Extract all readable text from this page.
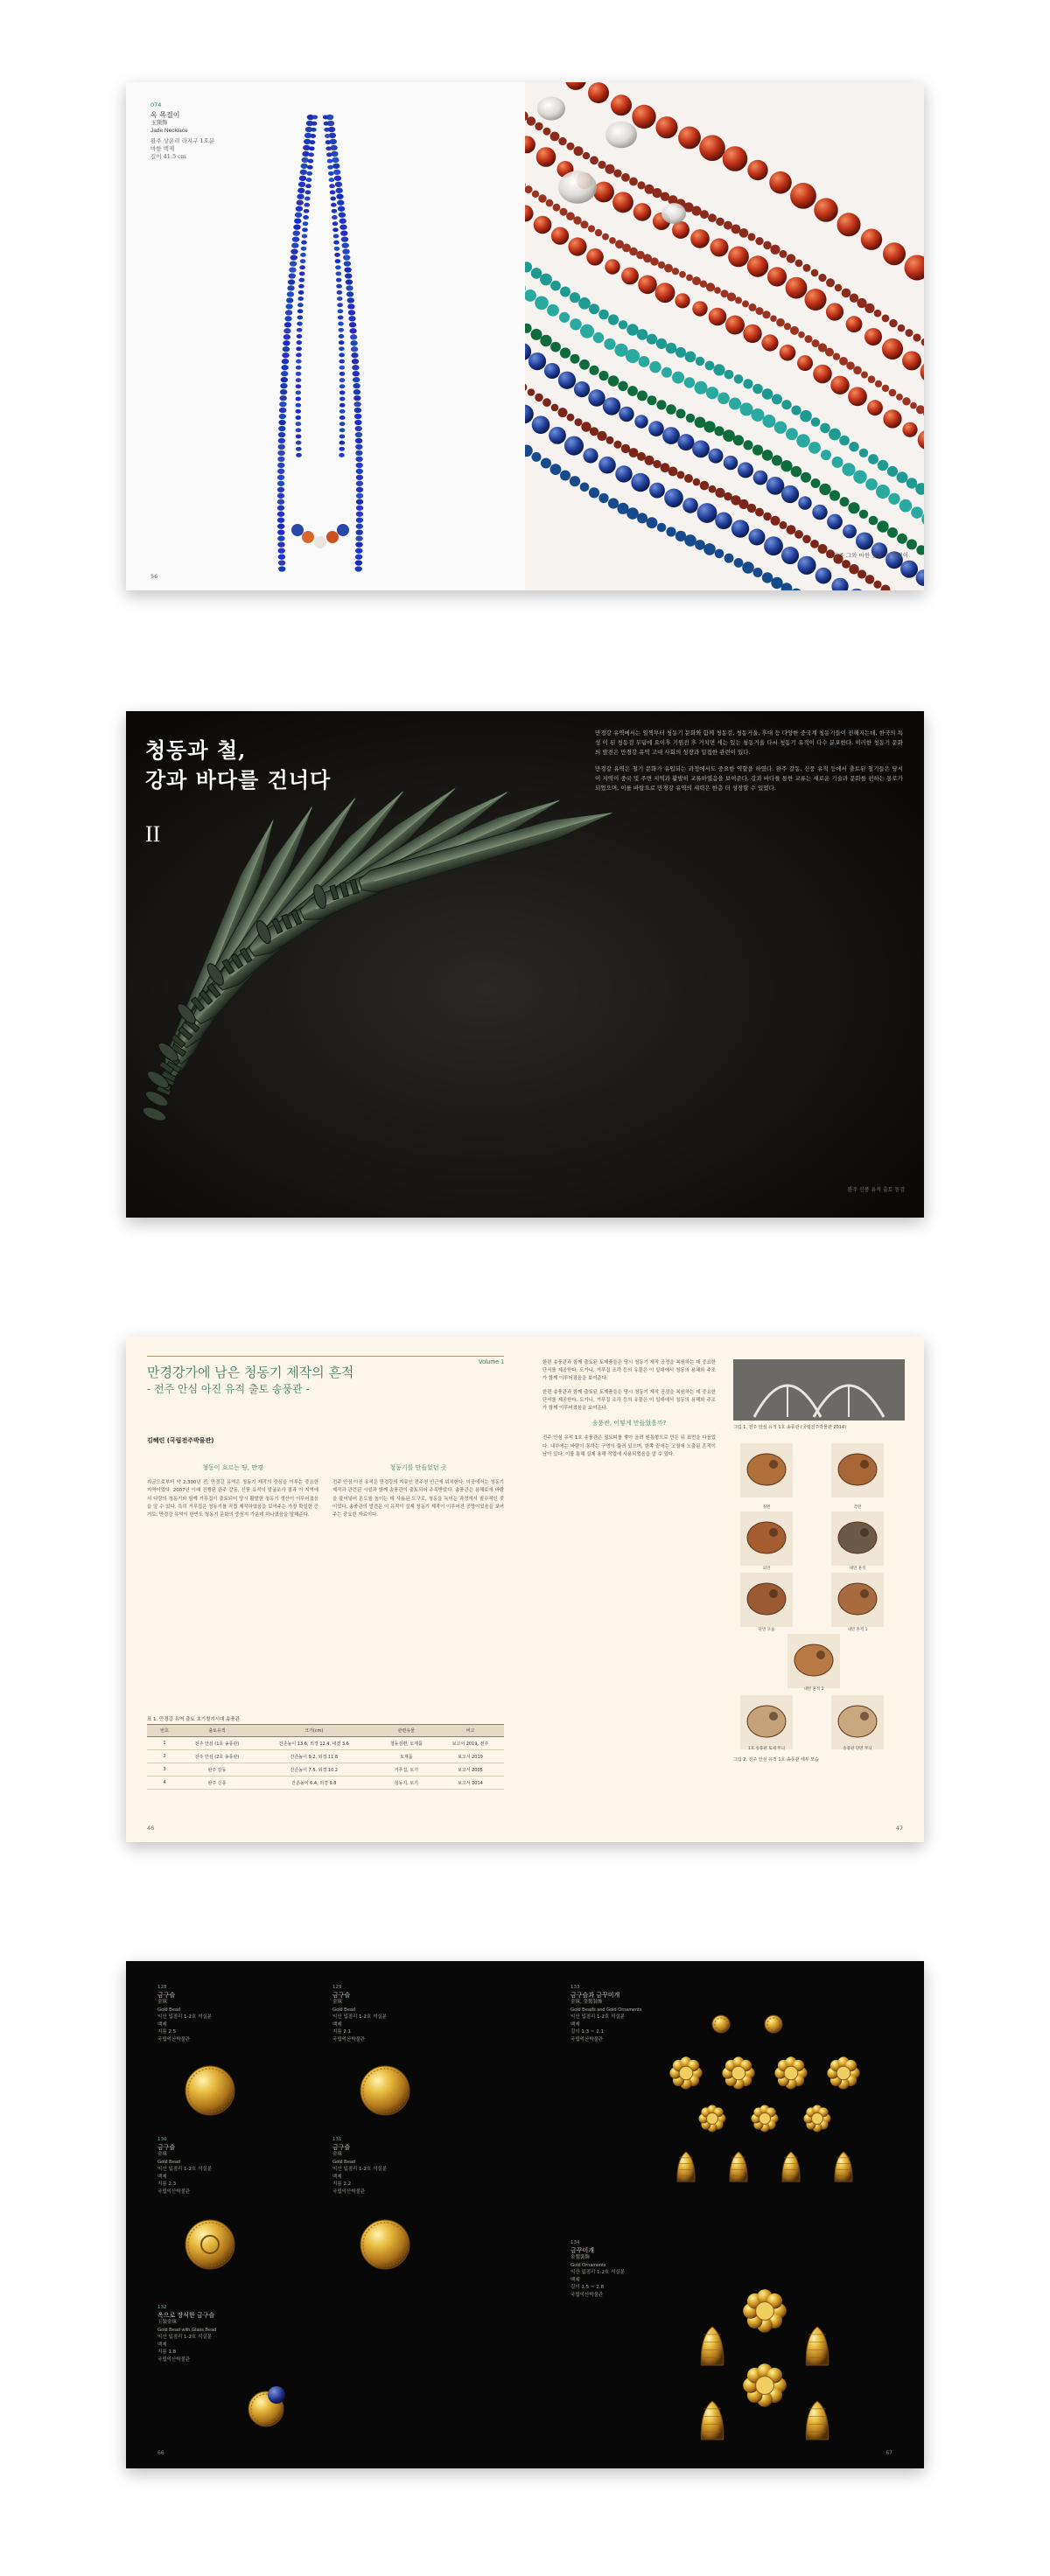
074
옥 목걸이
玉頸飾
Jade Necklace
완주 상운리 라지구 1호분
마한 백제
길이 41.5 cm
56
완주 그와 마한 출토 옥 목걸이
청동과 철,
강과 바다를 건너다
II

만경강 유역에서는 일찍부터 청동기 문화와 함께 청동검, 청동거울, 후대 등 다양한 중국계 청동기들이 전해지는데, 한국의 특성 이 된 청동검 무덤에 요이후 기원전 후 거치면 세는 있는 청동거울 다시 청동기 유적이 다수 분포한다. 이러한 청동기 문화의 발전은 만경강 유역 고대 사회의 성장과 밀접한 관련이 있다.

만경강 유역은 철기 문화가 유입되는 과정에서도 중요한 역할을 하였다. 완주 갈동, 신풍 유적 등에서 출토된 철기들은 당시 이 지역이 중국 및 주변 지역과 활발히 교류하였음을 보여준다. 강과 바다를 통한 교류는 새로운 기술과 문화를 전하는 통로가 되었으며, 이를 바탕으로 만경강 유역의 세력은 한층 더 성장할 수 있었다.

완주 신풍 유적 출토 동검
Volume 1
만경강가에 남은 청동기 제작의 흔적
- 전주 안심 아진 유적 출토 송풍관 -
김혜린 (국립전주박물관)
청동이 흐르는 땅, 만경
지금으로부터 약 2,300년 전, 만경강 유역은 청동기 제작의 중심을 이루는 중요한 지역이었다. 2007년 이래 진행된 완주 갈동, 신풍 유적의 발굴조사 결과 이 지역에서 다량의 청동기와 함께 거푸집이 출토되어 당시 활발한 청동기 생산이 이루어졌음을 알 수 있다. 특히 거푸집은 청동기를 직접 제작하였음을 보여주는 가장 확실한 증거로, 만경강 유역이 한반도 청동기 문화의 중심지 가운데 하나였음을 말해준다.
청동기를 만들었던 곳
전주 안심 아진 유적은 만경강의 지류인 전주천 인근에 위치한다. 이곳에서는 청동기 제작과 관련된 시설과 함께 송풍관이 출토되어 주목받았다. 송풍관은 용해로에 바람을 불어넣어 온도를 높이는 데 사용된 도구로, 청동을 녹이는 과정에서 필수적인 것이었다. 송풍관의 발견은 이 유적이 실제 청동기 제작이 이루어진 공방이었음을 보여주는 중요한 자료이다.
표 1. 만경강 유역 출토 초기철기시대 송풍관
번호	출토유적	크기(cm)	관련유물	비고
1	전주 안심 (1호 송풍관)	잔존높이 13.6, 외경 12.4, 내경 3.6	청동검편, 토제품	보고서 2019, 전주
2	전주 안심 (2호 송풍관)	잔존높이 9.2, 외경 11.8	토제품	보고서 2019
3	완주 갈동	잔존높이 7.5, 외경 10.2	거푸집, 토기	보고서 2005
4	완주 신풍	잔존높이 6.4, 외경 9.8	청동기, 토기	보고서 2014
46
한편 송풍관과 함께 출토된 토제품들은 당시 청동기 제작 공정을 복원하는 데 중요한 단서를 제공한다. 도가니, 거푸집 조각 등의 유물은 이 일대에서 청동의 용해와 주조가 함께 이루어졌음을 보여준다.
한편 송풍관과 함께 출토된 토제품들은 당시 청동기 제작 공정을 복원하는 데 중요한 단서를 제공한다. 도가니, 거푸집 조각 등의 유물은 이 일대에서 청동의 용해와 주조가 함께 이루어졌음을 보여준다.
송풍관, 어떻게 만들었을까?
전주 안심 유적 1호 송풍관은 점토띠를 쌓아 올려 원통형으로 만든 뒤 표면을 다듬었다. 내부에는 바람이 통하는 구멍이 뚫려 있으며, 한쪽 끝에는 고열에 노출된 흔적이 남아 있다. 이를 통해 실제 용해 작업에 사용되었음을 알 수 있다.
그림 1. 전주 안심 유적 1호 송풍관 (국립전주박물관 2014)
정면	측면
외면	내면 흔적
단면 모습	내면 흔적 1
내면 흔적 2
1호 송풍관 토제 무늬	송풍관 단면 무늬
그림 2. 전주 안심 유적 1호 송풍관 세부 모습
47
128
금구슬
金珠
Gold Bead
익산 입점리 1-2호 석실분
백제
지름 2.5
국립익산박물관
129
금구슬
金珠
Gold Bead
익산 입점리 1-2호 석실분
백제
지름 2.1
국립익산박물관
130
금구슬
金珠
Gold Bead
익산 입점리 1-2호 석실분
백제
지름 2.3
국립익산박물관
131
금구슬
金珠
Gold Bead
익산 입점리 1-2호 석실분
백제
지름 2.2
국립익산박물관
132
옥으로 장식한 금구슬
玉裝金珠
Gold Bead with Glass Bead
익산 입점리 1-2호 석실분
백제
지름 1.8
국립익산박물관
133
금구슬과 금꾸미개
金珠, 金製裝飾
Gold Beads and Gold Ornaments
익산 입점리 1-2호 석실분
백제
길이 1.3 ~ 2.1
국립익산박물관
134
금꾸미개
金製裝飾
Gold Ornaments
익산 입점리 1-2호 석실분
백제
길이 1.5 ~ 2.8
국립익산박물관
66	67
